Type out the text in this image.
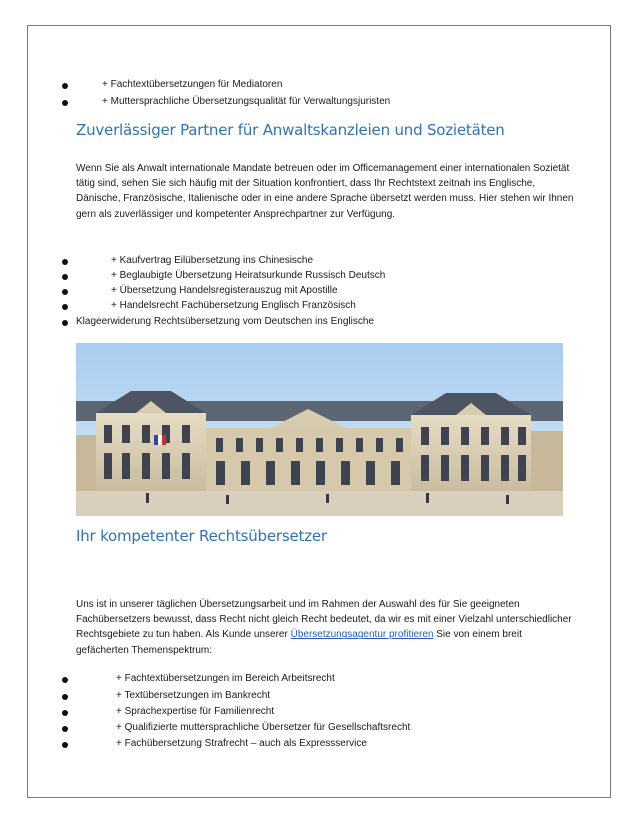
+ Fachtextübersetzungen für Mediatoren
+ Muttersprachliche Übersetzungsqualität für Verwaltungsjuristen
Zuverlässiger Partner für Anwaltskanzleien und Sozietäten
Wenn Sie als Anwalt internationale Mandate betreuen oder im Officemanagement einer internationalen Sozietät tätig sind, sehen Sie sich häufig mit der Situation konfrontiert, dass Ihr Rechtstext zeitnah ins Englische, Dänische, Französische, Italienische oder in eine andere Sprache übersetzt werden muss. Hier stehen wir Ihnen gern als zuverlässiger und kompetenter Ansprechpartner zur Verfügung.
+ Kaufvertrag Eilübersetzung ins Chinesische
+ Beglaubigte Übersetzung Heiratsurkunde Russisch Deutsch
+ Übersetzung Handelsregisterauszug mit Apostille
+ Handelsrecht Fachübersetzung Englisch Französisch
Klageerwiderung Rechtsübersetzung vom Deutschen ins Englische
Ihr kompetenter Rechtsübersetzer
Uns ist in unserer täglichen Übersetzungsarbeit und im Rahmen der Auswahl des für Sie geeigneten Fachübersetzers bewusst, dass Recht nicht gleich Recht bedeutet, da wir es mit einer Vielzahl unterschiedlicher Rechtsgebiete zu tun haben. Als Kunde unserer Übersetzungsagentur profitieren Sie von einem breit gefächerten Themenspektrum:
+ Fachtextübersetzungen im Bereich Arbeitsrecht
+ Textübersetzungen im Bankrecht
+ Sprachexpertise für Familienrecht
+ Qualifizierte muttersprachliche Übersetzer für Gesellschaftsrecht
+ Fachübersetzung Strafrecht – auch als Expressservice
